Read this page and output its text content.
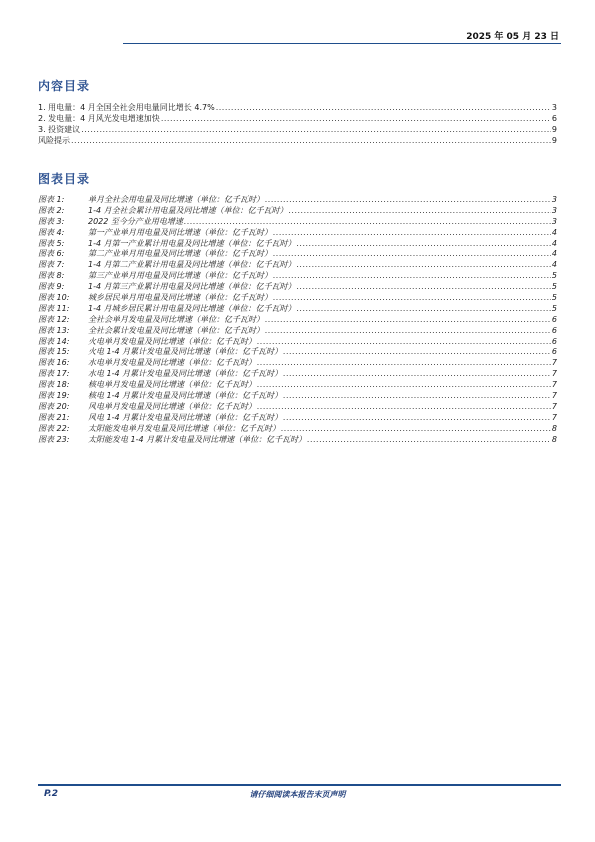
2025 年 05 月 23 日
内容目录
1. 用电量：4 月全国全社会用电量同比增长 4.7% .....	3
2. 发电量：4 月风光发电增速加快 .....	6
3. 投资建议 .....	9
风险提示 .....	9
图表目录
图表 1:	单月全社会用电量及同比增速（单位：亿千瓦时） .....	3
图表 2:	1-4 月全社会累计用电量及同比增速（单位：亿千瓦时） .....	3
图表 3:	2022 至今分产业用电增速 .....	3
图表 4:	第一产业单月用电量及同比增速（单位：亿千瓦时） .....	4
图表 5:	1-4 月第一产业累计用电量及同比增速（单位：亿千瓦时） .....	4
图表 6:	第二产业单月用电量及同比增速（单位：亿千瓦时） .....	4
图表 7:	1-4 月第二产业累计用电量及同比增速（单位：亿千瓦时） .....	4
图表 8:	第三产业单月用电量及同比增速（单位：亿千瓦时） .....	5
图表 9:	1-4 月第三产业累计用电量及同比增速（单位：亿千瓦时） .....	5
图表 10: 城乡居民单月用电量及同比增速（单位：亿千瓦时） .....	5
图表 11: 1-4 月城乡居民累计用电量及同比增速（单位：亿千瓦时） .....	5
图表 12: 全社会单月发电量及同比增速（单位：亿千瓦时） .....	6
图表 13: 全社会累计发电量及同比增速（单位：亿千瓦时） .....	6
图表 14: 火电单月发电量及同比增速（单位：亿千瓦时） .....	6
图表 15: 火电 1-4 月累计发电量及同比增速（单位：亿千瓦时） .....	6
图表 16: 水电单月发电量及同比增速（单位：亿千瓦时） .....	7
图表 17: 水电 1-4 月累计发电量及同比增速（单位：亿千瓦时） .....	7
图表 18: 核电单月发电量及同比增速（单位：亿千瓦时） .....	7
图表 19: 核电 1-4 月累计发电量及同比增速（单位：亿千瓦时） .....	7
图表 20: 风电单月发电量及同比增速（单位：亿千瓦时） .....	7
图表 21: 风电 1-4 月累计发电量及同比增速（单位：亿千瓦时） .....	7
图表 22: 太阳能发电单月发电量及同比增速（单位：亿千瓦时） .....	8
图表 23: 太阳能发电 1-4 月累计发电量及同比增速（单位：亿千瓦时） .....	8
P.2	请仔细阅读本报告末页声明
